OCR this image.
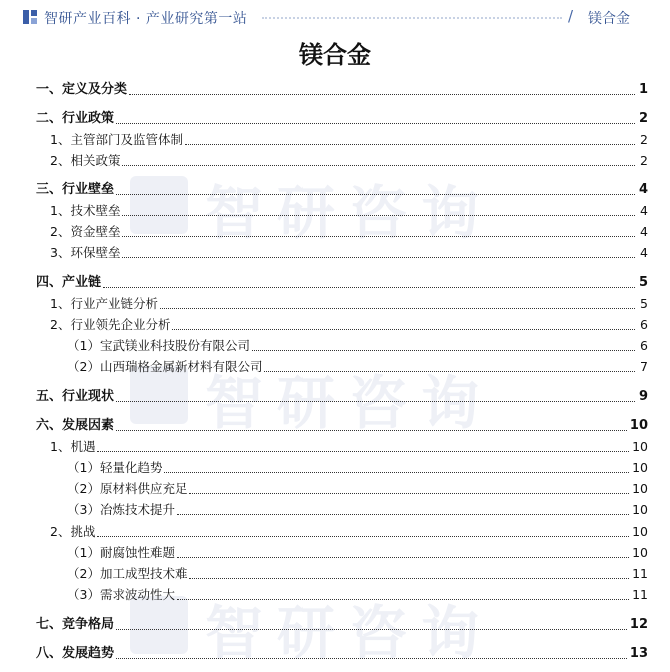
智研产业百科 · 产业研究第一站	/ 镁合金
镁合金
智研咨询
智研咨询
智研咨询
一、定义及分类	1
二、行业政策	2
1、主管部门及监管体制	2
2、相关政策	2
三、行业壁垒	4
1、技术壁垒	4
2、资金壁垒	4
3、环保壁垒	4
四、产业链	5
1、行业产业链分析	5
2、行业领先企业分析	6
（1）宝武镁业科技股份有限公司	6
（2）山西瑞格金属新材料有限公司	7
五、行业现状	9
六、发展因素	10
1、机遇	10
（1）轻量化趋势	10
（2）原材料供应充足	10
（3）冶炼技术提升	10
2、挑战	10
（1）耐腐蚀性难题	10
（2）加工成型技术难	11
（3）需求波动性大	11
七、竞争格局	12
八、发展趋势	13
